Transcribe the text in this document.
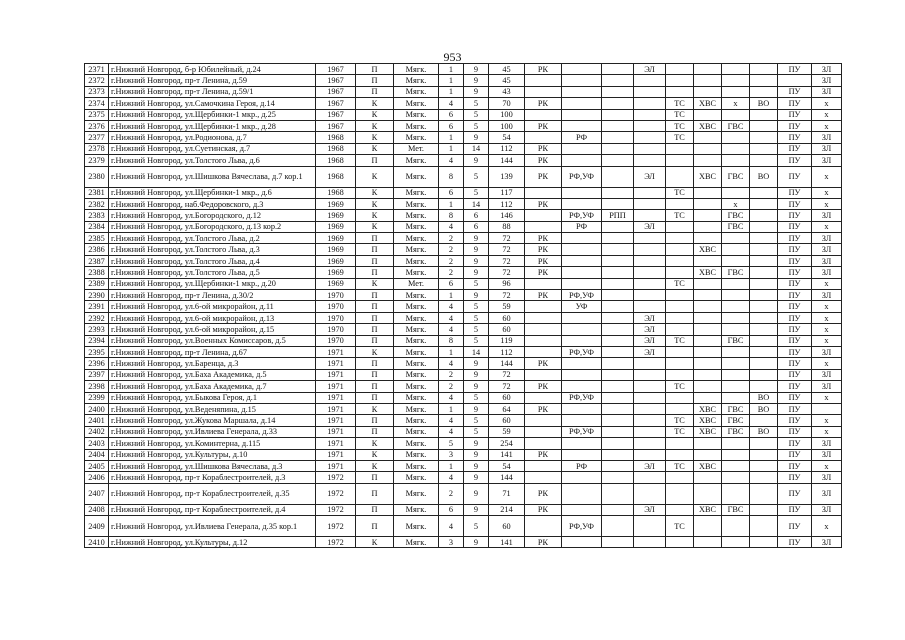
953
2371	г.Нижний Новгород, б-р Юбилейный, д.24	1967	П	Мягк.	1	9	45	РК			ЭЛ					ПУ	ЗЛ
2372	г.Нижний Новгород, пр-т Ленина, д.59	1967	П	Мягк.	1	9	45										ЗЛ
2373	г.Нижний Новгород, пр-т Ленина, д.59/1	1967	П	Мягк.	1	9	43									ПУ	ЗЛ
2374	г.Нижний Новгород, ул.Самочкина Героя, д.14	1967	К	Мягк.	4	5	70	РК				ТС	ХВС	х	ВО	ПУ	х
2375	г.Нижний Новгород, ул.Щербинки-1 мкр., д.25	1967	К	Мягк.	6	5	100					ТС				ПУ	х
2376	г.Нижний Новгород, ул.Щербинки-1 мкр., д.28	1967	К	Мягк.	6	5	100	РК				ТС	ХВС	ГВС		ПУ	х
2377	г.Нижний Новгород, ул.Родионова, д.7	1968	К	Мягк.	1	9	54		РФ			ТС				ПУ	ЗЛ
2378	г.Нижний Новгород, ул.Суетинская, д.7	1968	К	Мет.	1	14	112	РК								ПУ	ЗЛ
2379	г.Нижний Новгород, ул.Толстого Льва, д.6	1968	П	Мягк.	4	9	144	РК								ПУ	ЗЛ
2380	г.Нижний Новгород, ул.Шишкова Вячеслава, д.7 кор.1	1968	К	Мягк.	8	5	139	РК	РФ,УФ		ЭЛ		ХВС	ГВС	ВО	ПУ	х
2381	г.Нижний Новгород, ул.Щербинки-1 мкр., д.6	1968	К	Мягк.	6	5	117					ТС				ПУ	х
2382	г.Нижний Новгород, наб.Федоровского, д.3	1969	К	Мягк.	1	14	112	РК						х		ПУ	х
2383	г.Нижний Новгород, ул.Богородского, д.12	1969	К	Мягк.	8	6	146		РФ,УФ	РПП		ТС		ГВС		ПУ	ЗЛ
2384	г.Нижний Новгород, ул.Богородского, д.13 кор.2	1969	К	Мягк.	4	6	88		РФ		ЭЛ			ГВС		ПУ	х
2385	г.Нижний Новгород, ул.Толстого Льва, д.2	1969	П	Мягк.	2	9	72	РК								ПУ	ЗЛ
2386	г.Нижний Новгород, ул.Толстого Льва, д.3	1969	П	Мягк.	2	9	72	РК					ХВС			ПУ	ЗЛ
2387	г.Нижний Новгород, ул.Толстого Льва, д.4	1969	П	Мягк.	2	9	72	РК								ПУ	ЗЛ
2388	г.Нижний Новгород, ул.Толстого Льва, д.5	1969	П	Мягк.	2	9	72	РК					ХВС	ГВС		ПУ	ЗЛ
2389	г.Нижний Новгород, ул.Щербинки-1 мкр., д.20	1969	К	Мет.	6	5	96					ТС				ПУ	х
2390	г.Нижний Новгород, пр-т Ленина, д.30/2	1970	П	Мягк.	1	9	72	РК	РФ,УФ							ПУ	ЗЛ
2391	г.Нижний Новгород, ул.6-ой микрорайон, д.11	1970	П	Мягк.	4	5	59		УФ							ПУ	х
2392	г.Нижний Новгород, ул.6-ой микрорайон, д.13	1970	П	Мягк.	4	5	60				ЭЛ					ПУ	х
2393	г.Нижний Новгород, ул.6-ой микрорайон, д.15	1970	П	Мягк.	4	5	60				ЭЛ					ПУ	х
2394	г.Нижний Новгород, ул.Военных Комиссаров, д.5	1970	П	Мягк.	8	5	119				ЭЛ	ТС		ГВС		ПУ	х
2395	г.Нижний Новгород, пр-т Ленина, д.67	1971	К	Мягк.	1	14	112		РФ,УФ		ЭЛ					ПУ	ЗЛ
2396	г.Нижний Новгород, ул.Баренца, д.3	1971	П	Мягк.	4	9	144	РК								ПУ	х
2397	г.Нижний Новгород, ул.Баха Академика, д.5	1971	П	Мягк.	2	9	72									ПУ	ЗЛ
2398	г.Нижний Новгород, ул.Баха Академика, д.7	1971	П	Мягк.	2	9	72	РК				ТС				ПУ	ЗЛ
2399	г.Нижний Новгород, ул.Быкова Героя, д.1	1971	П	Мягк.	4	5	60		РФ,УФ						ВО	ПУ	х
2400	г.Нижний Новгород, ул.Веденяпина, д.15	1971	К	Мягк.	1	9	64	РК					ХВС	ГВС	ВО	ПУ	
2401	г.Нижний Новгород, ул.Жукова Маршала, д.14	1971	П	Мягк.	4	5	60					ТС	ХВС	ГВС		ПУ	х
2402	г.Нижний Новгород, ул.Ивлиева Генерала, д.33	1971	П	Мягк.	4	5	59		РФ,УФ			ТС	ХВС	ГВС	ВО	ПУ	х
2403	г.Нижний Новгород, ул.Коминтерна, д.115	1971	К	Мягк.	5	9	254									ПУ	ЗЛ
2404	г.Нижний Новгород, ул.Культуры, д.10	1971	К	Мягк.	3	9	141	РК								ПУ	ЗЛ
2405	г.Нижний Новгород, ул.Шишкова Вячеслава, д.3	1971	К	Мягк.	1	9	54		РФ		ЭЛ	ТС	ХВС			ПУ	х
2406	г.Нижний Новгород, пр-т Кораблестроителей, д.3	1972	П	Мягк.	4	9	144									ПУ	ЗЛ
2407	г.Нижний Новгород, пр-т Кораблестроителей, д.35	1972	П	Мягк.	2	9	71	РК								ПУ	ЗЛ
2408	г.Нижний Новгород, пр-т Кораблестроителей, д.4	1972	П	Мягк.	6	9	214	РК			ЭЛ		ХВС	ГВС		ПУ	ЗЛ
2409	г.Нижний Новгород, ул.Ивлиева Генерала, д.35 кор.1	1972	П	Мягк.	4	5	60		РФ,УФ			ТС				ПУ	х
2410	г.Нижний Новгород, ул.Культуры, д.12	1972	К	Мягк.	3	9	141	РК								ПУ	ЗЛ
